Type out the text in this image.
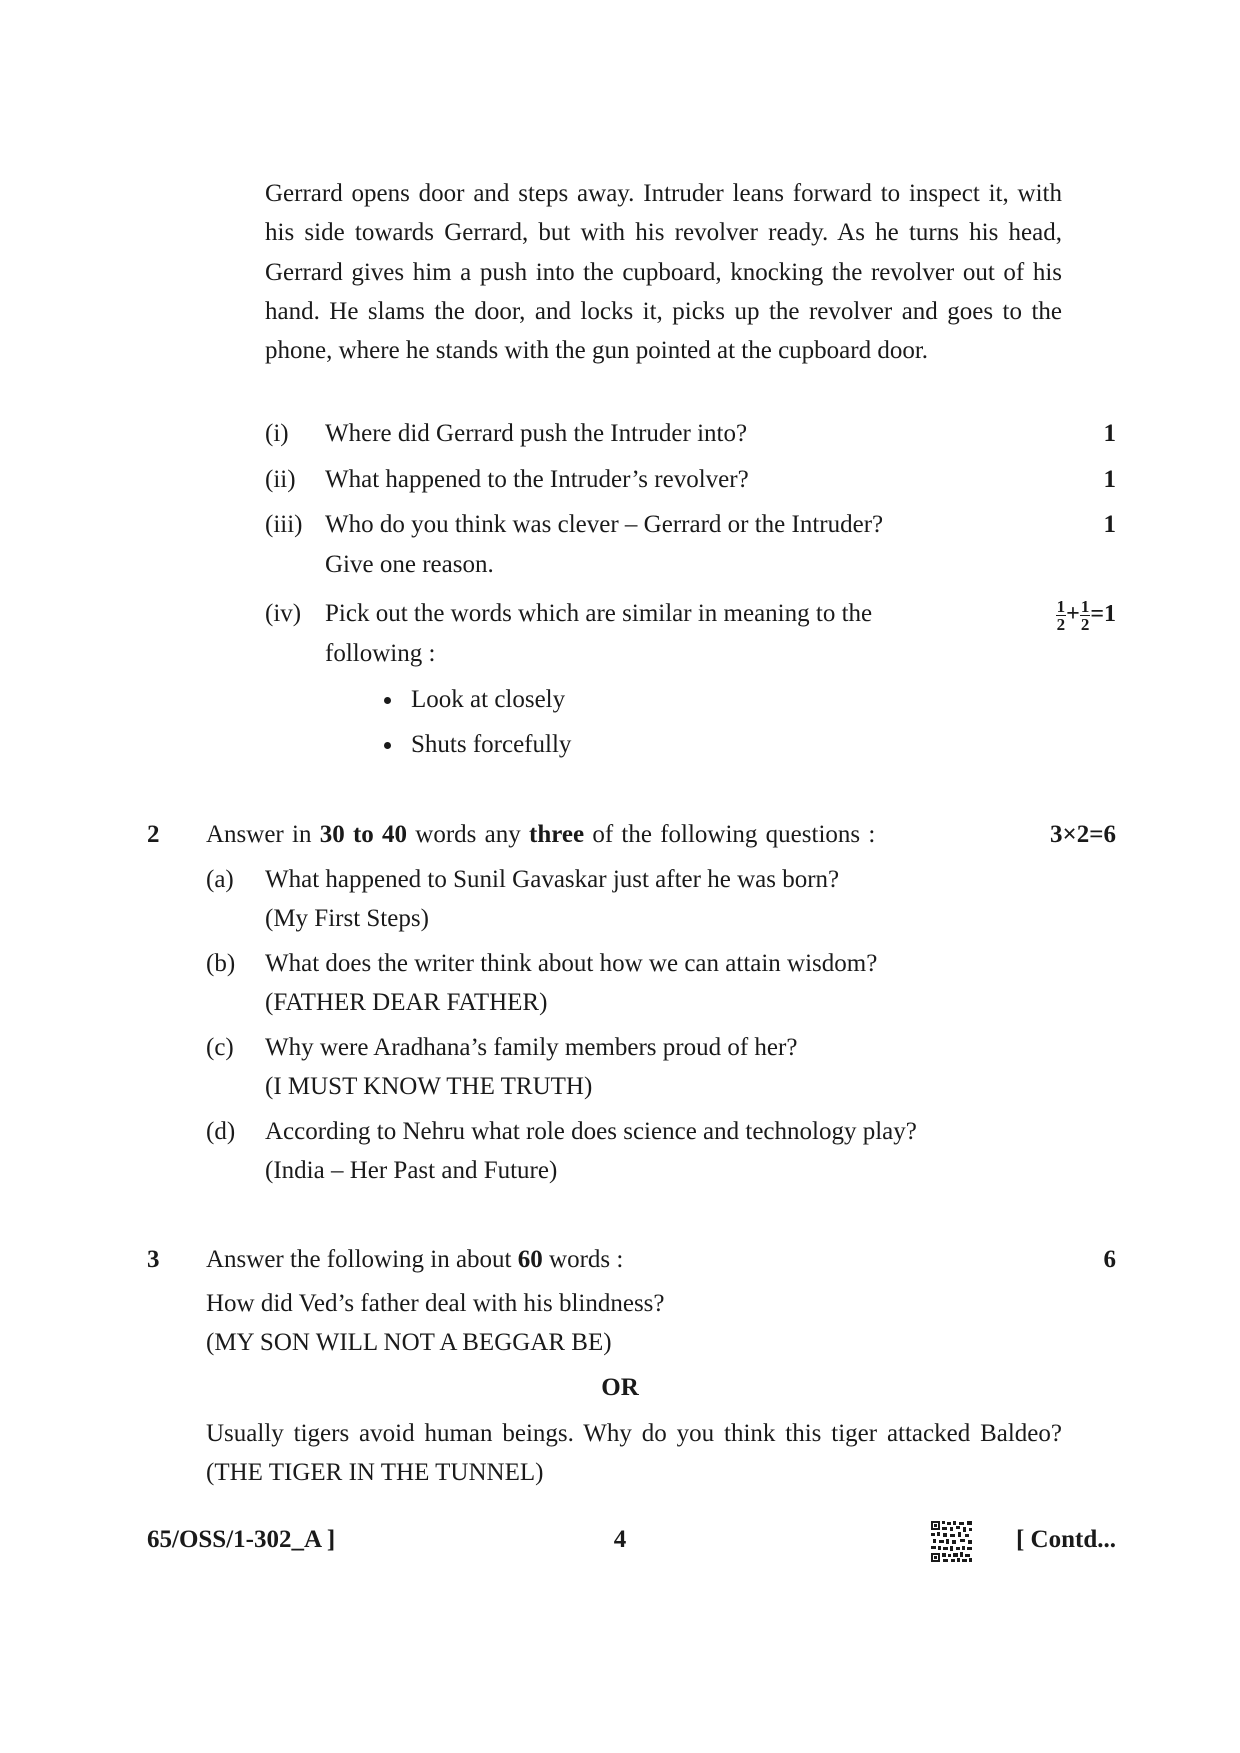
Gerrard opens door and steps away. Intruder leans forward to inspect it, with his side towards Gerrard, but with his revolver ready. As he turns his head, Gerrard gives him a push into the cupboard, knocking the revolver out of his hand. He slams the door, and locks it, picks up the revolver and goes to the phone, where he stands with the gun pointed at the cupboard door.
(i) Where did Gerrard push the Intruder into?	1
(ii) What happened to the Intruder’s revolver?	1
(iii) Who do you think was clever – Gerrard or the Intruder?	1
Give one reason.
(iv) Pick out the words which are similar in meaning to the	$\frac{1}{2} + \frac{1}{2} =1$
following :
Look at closely
Shuts forcefully
2 Answer in 30 to 40 words any three of the following questions :	3×2=6
(a) What happened to Sunil Gavaskar just after he was born?
(My First Steps)
(b) What does the writer think about how we can attain wisdom?
(FATHER DEAR FATHER)
(c) Why were Aradhana’s family members proud of her?
(I MUST KNOW THE TRUTH)
(d) According to Nehru what role does science and technology play?
(India – Her Past and Future)
3 Answer the following in about 60 words :	6
How did Ved’s father deal with his blindness?
(MY SON WILL NOT A BEGGAR BE)
OR
Usually tigers avoid human beings. Why do you think this tiger attacked Baldeo? (THE TIGER IN THE TUNNEL)
65/OSS/1-302_A ]	4	[ Contd...
